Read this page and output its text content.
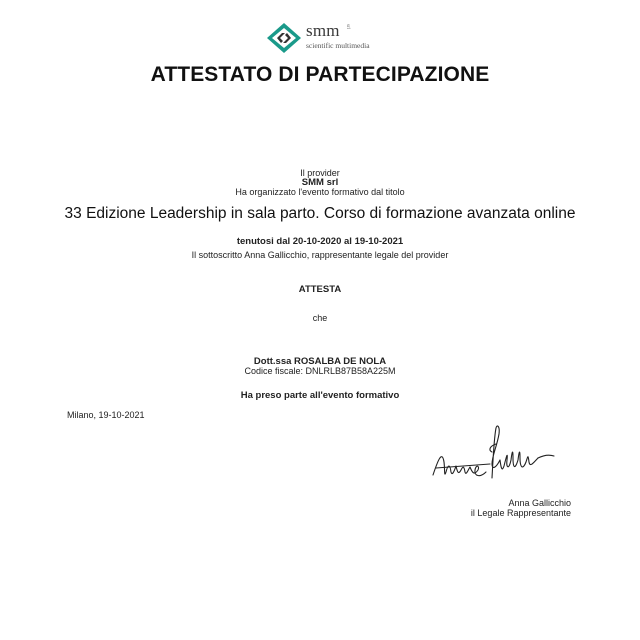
smm
scientific multimedia
srl
ATTESTATO DI PARTECIPAZIONE
Il provider
SMM srl
Ha organizzato l'evento formativo dal titolo
33 Edizione Leadership in sala parto. Corso di formazione avanzata online
tenutosi dal 20-10-2020 al 19-10-2021
Il sottoscritto Anna Gallicchio, rappresentante legale del provider
ATTESTA
che
Dott.ssa ROSALBA DE NOLA
Codice fiscale: DNLRLB87B58A225M
Ha preso parte all'evento formativo
Milano, 19-10-2021
Anna Gallicchio
il Legale Rappresentante
